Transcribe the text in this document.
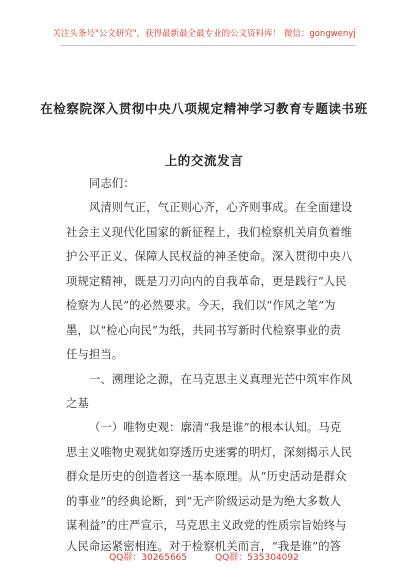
关注头条号"公文研究"，获得最新最全最专业的公文资料库！ 微信：gongwenyj
在检察院深入贯彻中央八项规定精神学习教育专题读书班
上的交流发言
同志们：
风清则气正，气正则心齐，心齐则事成。在全面建设
社会主义现代化国家的新征程上，我们检察机关肩负着维
护公平正义、保障人民权益的神圣使命。深入贯彻中央八
项规定精神，既是刀刃向内的自我革命，更是践行“人民
检察为人民”的必然要求。今天，我们以“作风之笔”为
墨，以“检心向民”为纸，共同书写新时代检察事业的责
任与担当。
一、溯理论之源，在马克思主义真理光芒中筑牢作风
之基
（一）唯物史观：廓清“我是谁”的根本认知。马克
思主义唯物史观犹如穿透历史迷雾的明灯，深刻揭示人民
群众是历史的创造者这一基本原理。从“历史活动是群众
的事业”的经典论断，到“无产阶级运动是为绝大多数人
谋利益”的庄严宣示，马克思主义政党的性质宗旨始终与
人民命运紧密相连。对于检察机关而言，“我是谁”的答
QQ群：30265665	QQ群：535304092
